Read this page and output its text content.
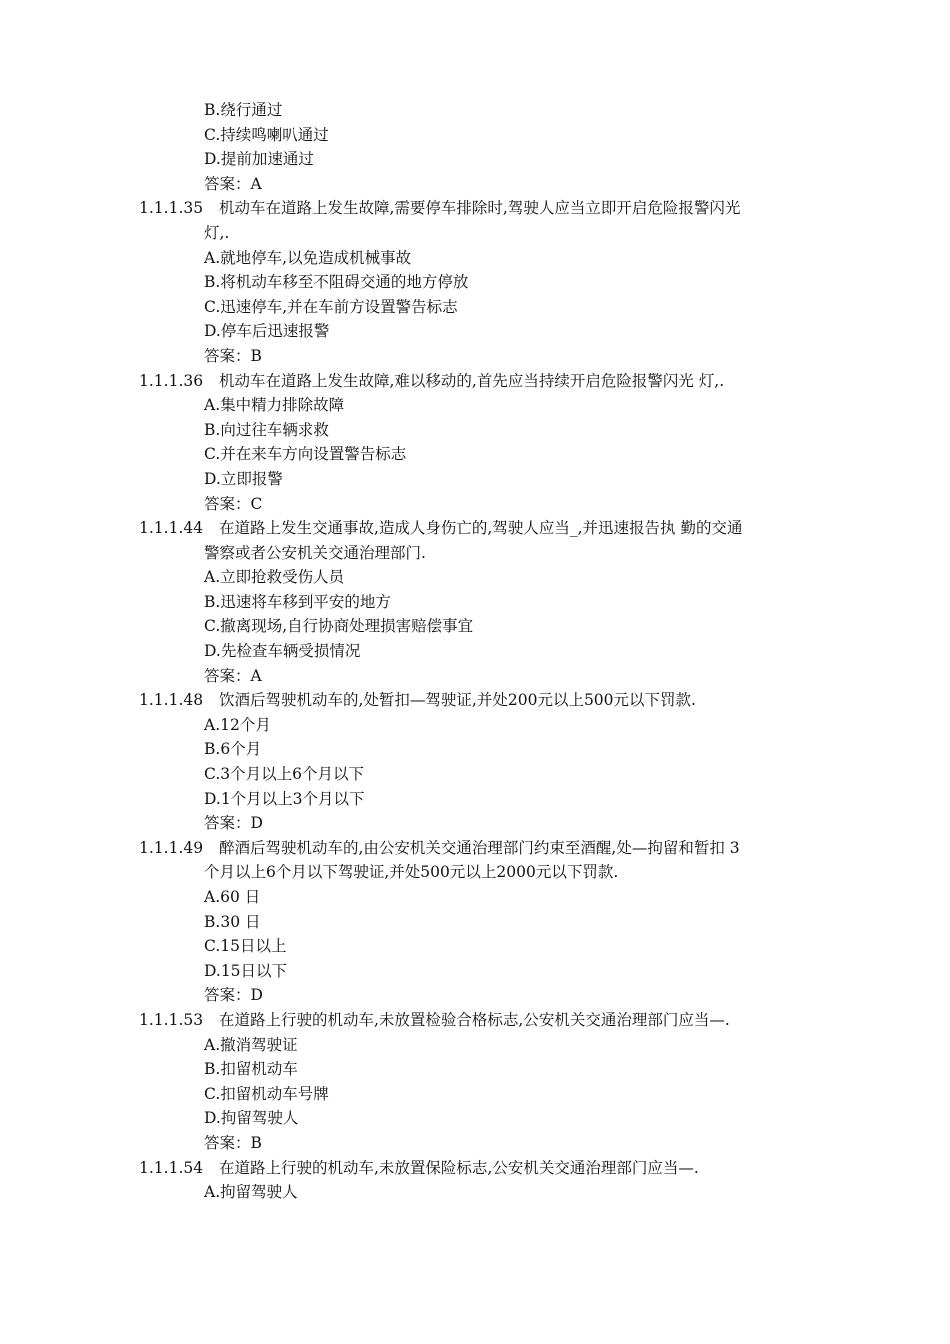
B.绕行通过
C.持续鸣喇叭通过
D.提前加速通过
答案：A
1.1.1.35 机动车在道路上发生故障,需要停车排除时,驾驶人应当立即开启危险报警闪光
灯,.
A.就地停车,以免造成机械事故
B.将机动车移至不阻碍交通的地方停放
C.迅速停车,并在车前方设置警告标志
D.停车后迅速报警
答案：B
1.1.1.36 机动车在道路上发生故障,难以移动的,首先应当持续开启危险报警闪光 灯,.
A.集中精力排除故障
B.向过往车辆求救
C.并在来车方向设置警告标志
D.立即报警
答案：C
1.1.1.44 在道路上发生交通事故,造成人身伤亡的,驾驶人应当_,并迅速报告执 勤的交通
警察或者公安机关交通治理部门.
A.立即抢救受伤人员
B.迅速将车移到平安的地方
C.撤离现场,自行协商处理损害赔偿事宜
D.先检查车辆受损情况
答案：A
1.1.1.48 饮酒后驾驶机动车的,处暂扣—驾驶证,并处200元以上500元以下罚款.
A.12个月
B.6个月
C.3个月以上6个月以下
D.1个月以上3个月以下
答案：D
1.1.1.49 醉酒后驾驶机动车的,由公安机关交通治理部门约束至酒醒,处—拘留和暂扣 3
个月以上6个月以下驾驶证,并处500元以上2000元以下罚款.
A.60 日
B.30 日
C.15日以上
D.15日以下
答案：D
1.1.1.53 在道路上行驶的机动车,未放置检验合格标志,公安机关交通治理部门应当—.
A.撤消驾驶证
B.扣留机动车
C.扣留机动车号牌
D.拘留驾驶人
答案：B
1.1.1.54 在道路上行驶的机动车,未放置保险标志,公安机关交通治理部门应当—.
A.拘留驾驶人
